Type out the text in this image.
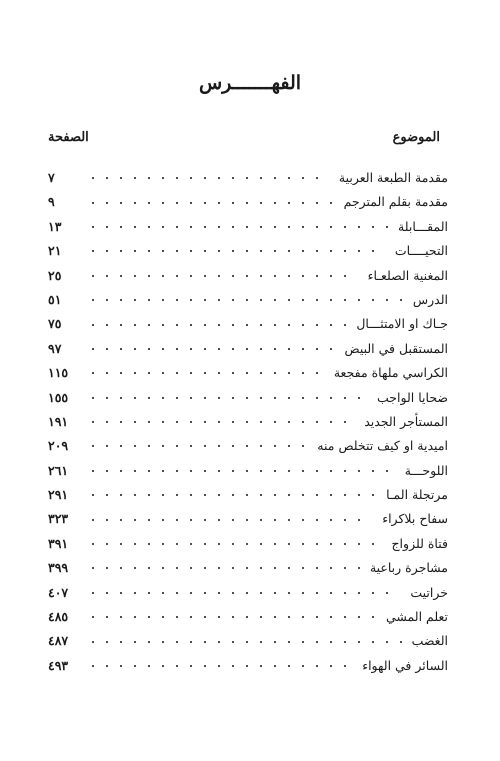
الفهـــــــرس
الموضوع
الصفحة
مقدمة الطبعة العربية
٧
مقدمة بقلم المترجم
٩
المقـــابلة
١٣
التحيــــات
٢١
المغنية الصلعـاء
٢٥
الدرس
٥١
جـاك او الامتثـــال
٧٥
المستقبل في البيض
٩٧
الكراسي ملهاة مفجعة
١١٥
ضحايا الواجب
١٥٥
المستأجر الجديد
١٩١
اميدية او كيف تتخلص منه
٢٠٩
اللوحـــة
٢٦١
مرتجلة المـا
٢٩١
سفاح بلاكراء
٣٢٣
فتاة للزواج
٣٩١
مشاجرة رباعية
٣٩٩
خراتيت
٤٠٧
تعلم المشي
٤٨٥
الغضب
٤٨٧
السائر في الهواء
٤٩٣
